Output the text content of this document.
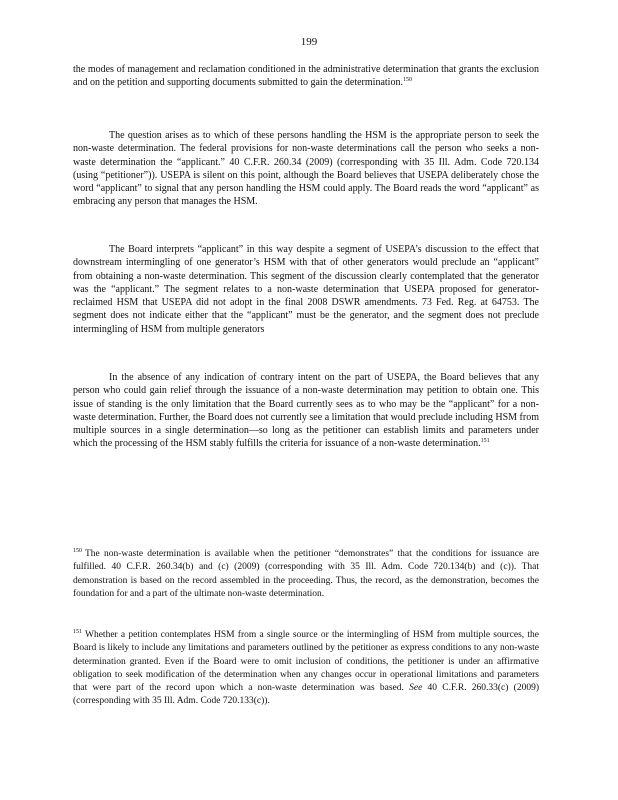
199

the modes of management and reclamation conditioned in the administrative determination that grants the exclusion and on the petition and supporting documents submitted to gain the determination.$^{150}$

The question arises as to which of these persons handling the HSM is the appropriate person to seek the non-waste determination. The federal provisions for non-waste determinations call the person who seeks a non-waste determination the “applicant.” 40 C.F.R. 260.34 (2009) (corresponding with 35 Ill. Adm. Code 720.134 (using “petitioner”)). USEPA is silent on this point, although the Board believes that USEPA deliberately chose the word “applicant” to signal that any person handling the HSM could apply. The Board reads the word “applicant” as embracing any person that manages the HSM.

The Board interprets “applicant” in this way despite a segment of USEPA’s discussion to the effect that downstream intermingling of one generator’s HSM with that of other generators would preclude an “applicant” from obtaining a non-waste determination. This segment of the discussion clearly contemplated that the generator was the “applicant.” The segment relates to a non-waste determination that USEPA proposed for generator-reclaimed HSM that USEPA did not adopt in the final 2008 DSWR amendments. 73 Fed. Reg. at 64753. The segment does not indicate either that the “applicant” must be the generator, and the segment does not preclude intermingling of HSM from multiple generators

In the absence of any indication of contrary intent on the part of USEPA, the Board believes that any person who could gain relief through the issuance of a non-waste determination may petition to obtain one. This issue of standing is the only limitation that the Board currently sees as to who may be the “applicant” for a non-waste determination. Further, the Board does not currently see a limitation that would preclude including HSM from multiple sources in a single determination—so long as the petitioner can establish limits and parameters under which the processing of the HSM stably fulfills the criteria for issuance of a non-waste determination.$^{151}$

$^{150}$ The non-waste determination is available when the petitioner “demonstrates” that the conditions for issuance are fulfilled. 40 C.F.R. 260.34(b) and (c) (2009) (corresponding with 35 Ill. Adm. Code 720.134(b) and (c)). That demonstration is based on the record assembled in the proceeding. Thus, the record, as the demonstration, becomes the foundation for and a part of the ultimate non-waste determination.

$^{151}$ Whether a petition contemplates HSM from a single source or the intermingling of HSM from multiple sources, the Board is likely to include any limitations and parameters outlined by the petitioner as express conditions to any non-waste determination granted. Even if the Board were to omit inclusion of conditions, the petitioner is under an affirmative obligation to seek modification of the determination when any changes occur in operational limitations and parameters that were part of the record upon which a non-waste determination was based. See 40 C.F.R. 260.33(c) (2009) (corresponding with 35 Ill. Adm. Code 720.133(c)).
